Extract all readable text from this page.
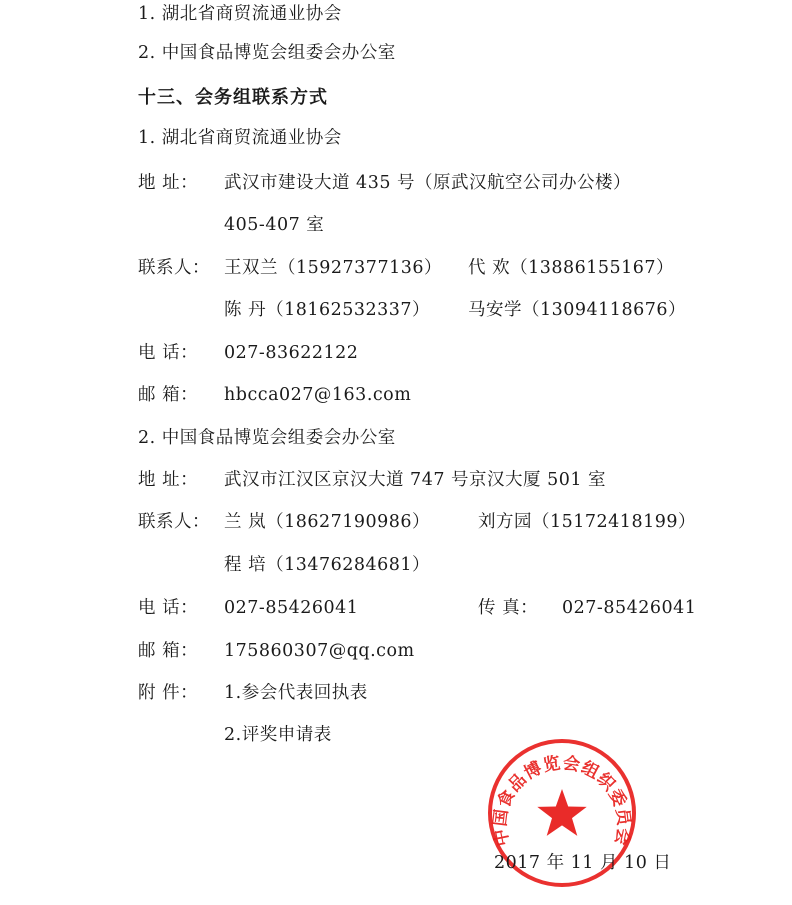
1. 湖北省商贸流通业协会
2. 中国食品博览会组委会办公室
十三、会务组联系方式
1. 湖北省商贸流通业协会
地 址： 武汉市建设大道 435 号（原武汉航空公司办公楼）
405-407 室
联系人： 王双兰（15927377136） 代 欢（13886155167）
陈 丹（18162532337） 马安学（13094118676）
电 话： 027-83622122
邮 箱： hbcca027@163.com
2. 中国食品博览会组委会办公室
地 址： 武汉市江汉区京汉大道 747 号京汉大厦 501 室
联系人： 兰 岚（18627190986）	刘方园（15172418199）
程 培（13476284681）
电 话： 027-85426041	传 真： 027-85426041
邮 箱： 175860307@qq.com
附 件： 1.参会代表回执表
2.评奖申请表
中国食品博览会组织委员会
2017 年 11 月 10 日
